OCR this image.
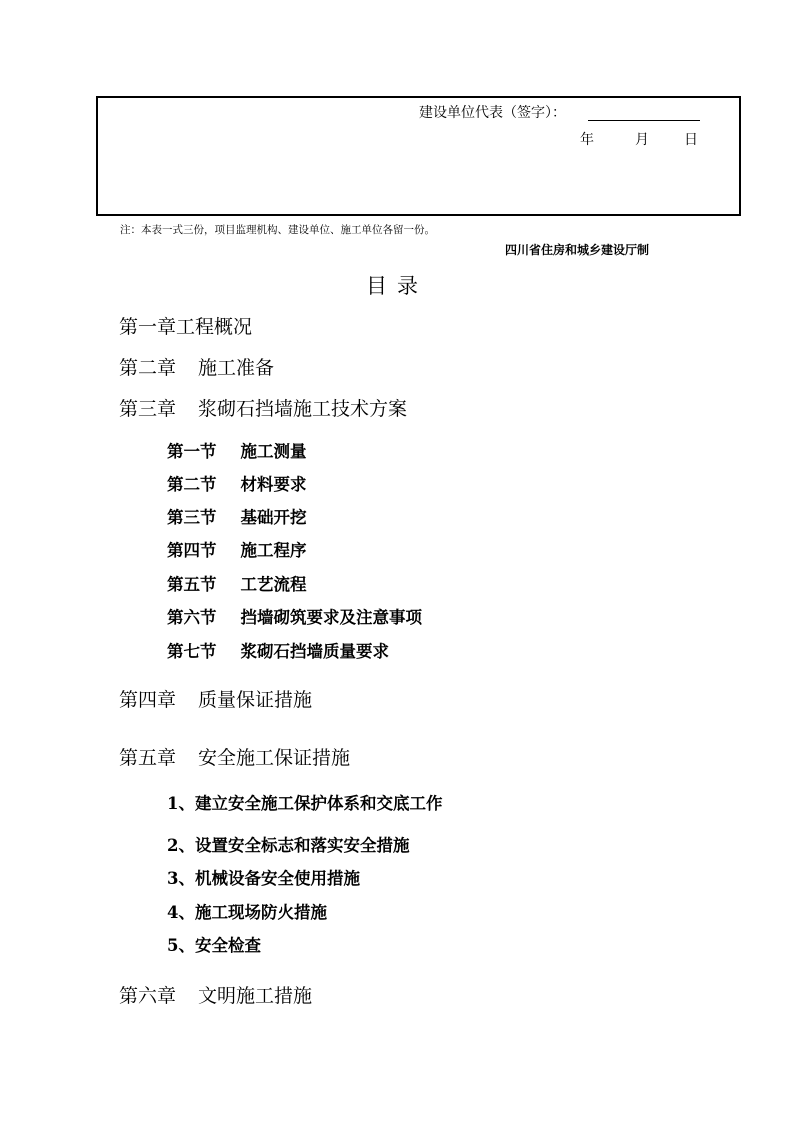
建设单位代表（签字）：
年	月	日
注：本表一式三份，项目监理机构、建设单位、施工单位各留一份。
四川省住房和城乡建设厅制
目录
第一章工程概况
第二章 施工准备
第三章 浆砌石挡墙施工技术方案
第一节 施工测量
第二节 材料要求
第三节 基础开挖
第四节 施工程序
第五节 工艺流程
第六节 挡墙砌筑要求及注意事项
第七节 浆砌石挡墙质量要求
第四章 质量保证措施
第五章 安全施工保证措施
1、建立安全施工保护体系和交底工作
2、设置安全标志和落实安全措施
3、机械设备安全使用措施
4、施工现场防火措施
5、安全检查
第六章 文明施工措施
